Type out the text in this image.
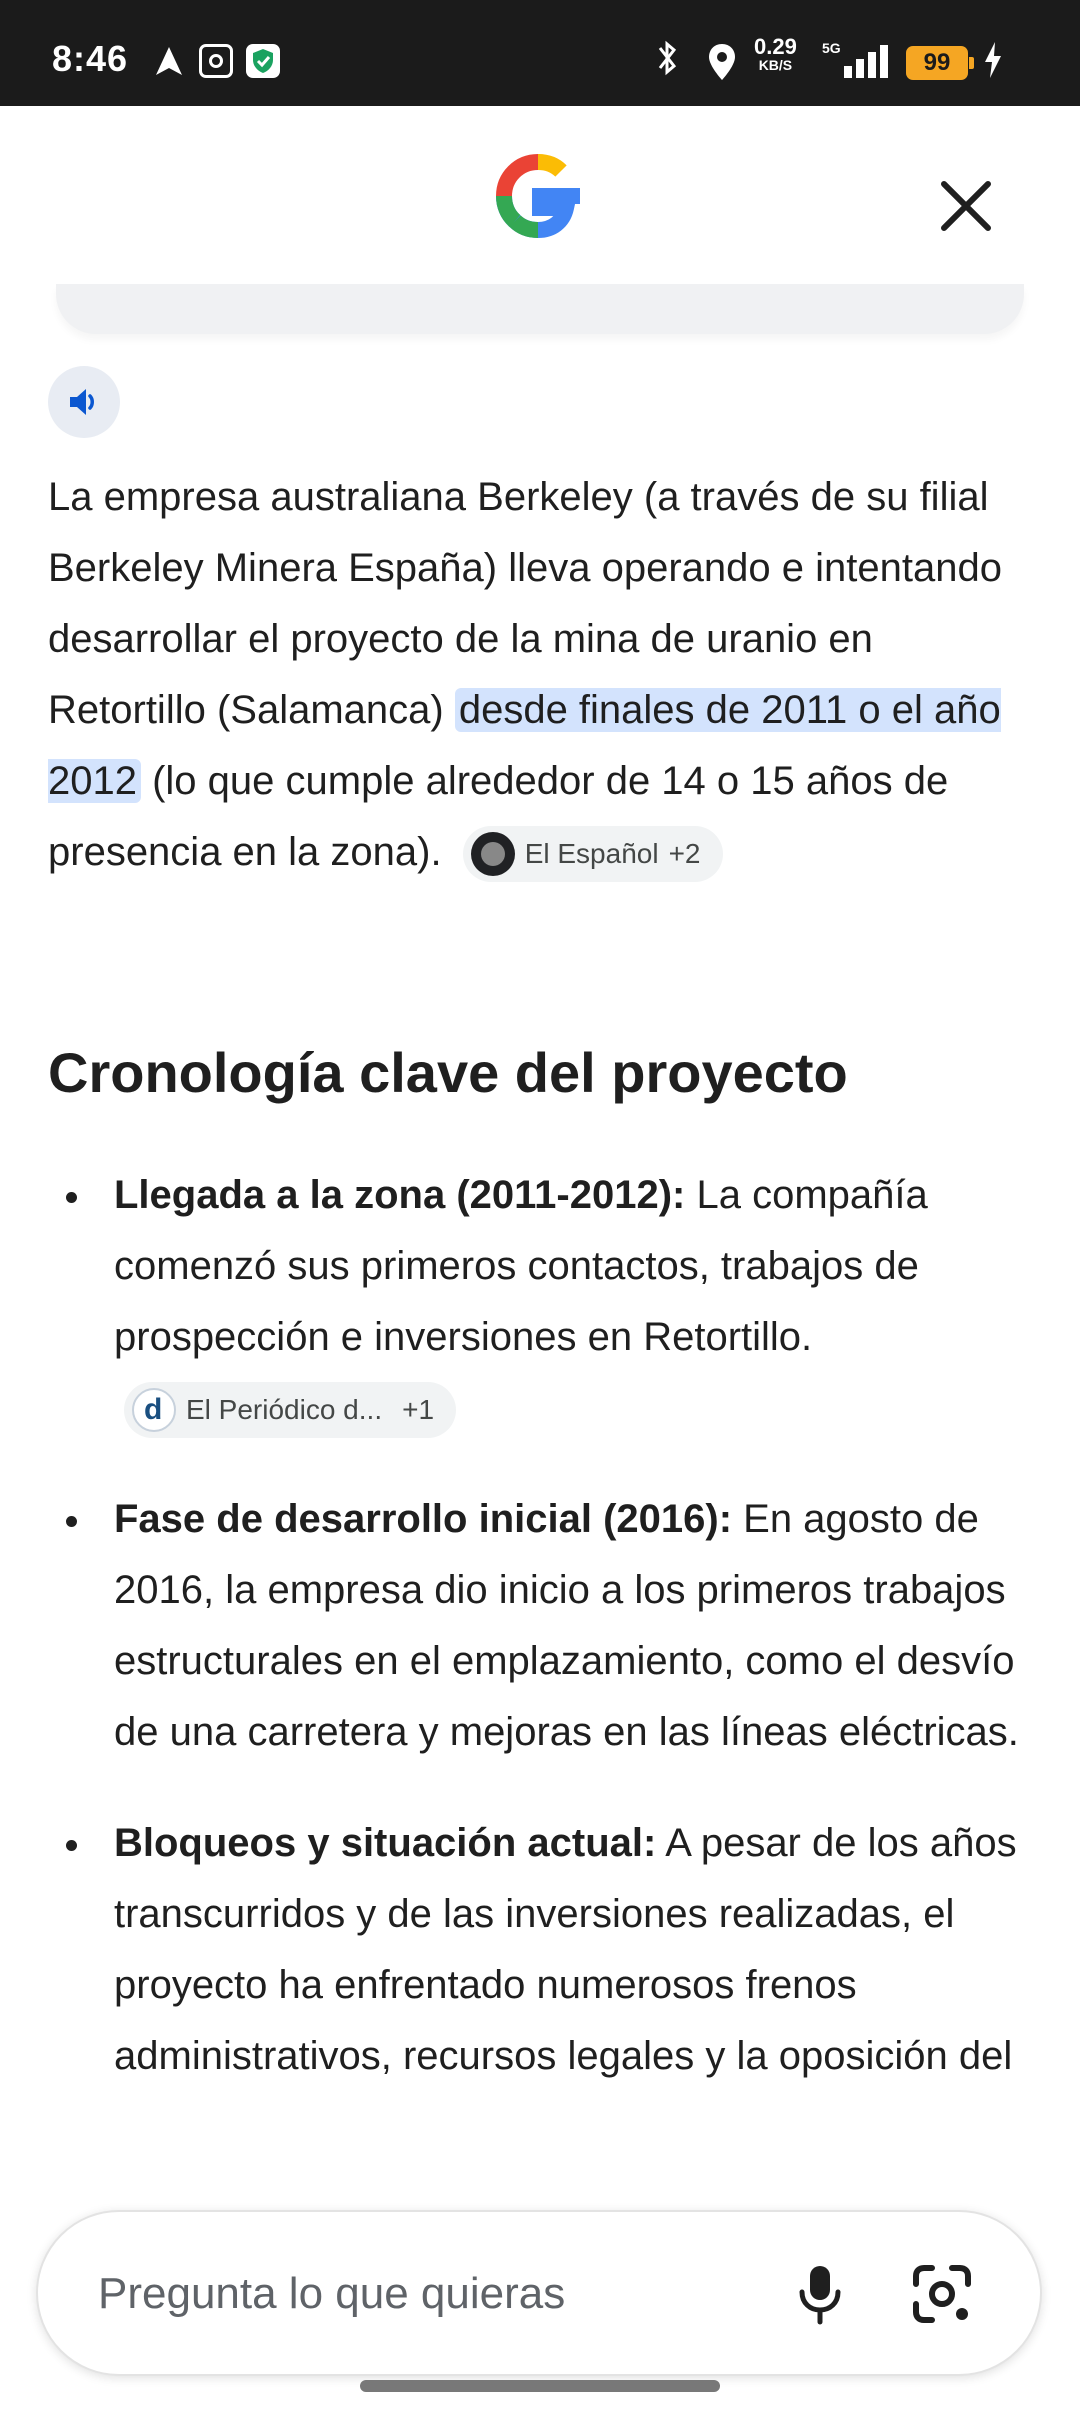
8:46	0.29
KB/S
5G
99
La empresa australiana Berkeley (a través de su filial Berkeley Minera España) lleva operando e intentando desarrollar el proyecto de la mina de uranio en Retortillo (Salamanca) desde finales de 2011 o el año 2012 (lo que cumple alrededor de 14 o 15 años de presencia en la zona).	El Español +2
Cronología clave del proyecto
Llegada a la zona (2011-2012): La compañía comenzó sus primeros contactos, trabajos de prospección e inversiones en Retortillo.
d
El Periódico d... +1
Fase de desarrollo inicial (2016): En agosto de 2016, la empresa dio inicio a los primeros trabajos estructurales en el emplazamiento, como el desvío de una carretera y mejoras en las líneas eléctricas.
Bloqueos y situación actual: A pesar de los años transcurridos y de las inversiones realizadas, el proyecto ha enfrentado numerosos frenos administrativos, recursos legales y la oposición del
Pregunta lo que quieras
